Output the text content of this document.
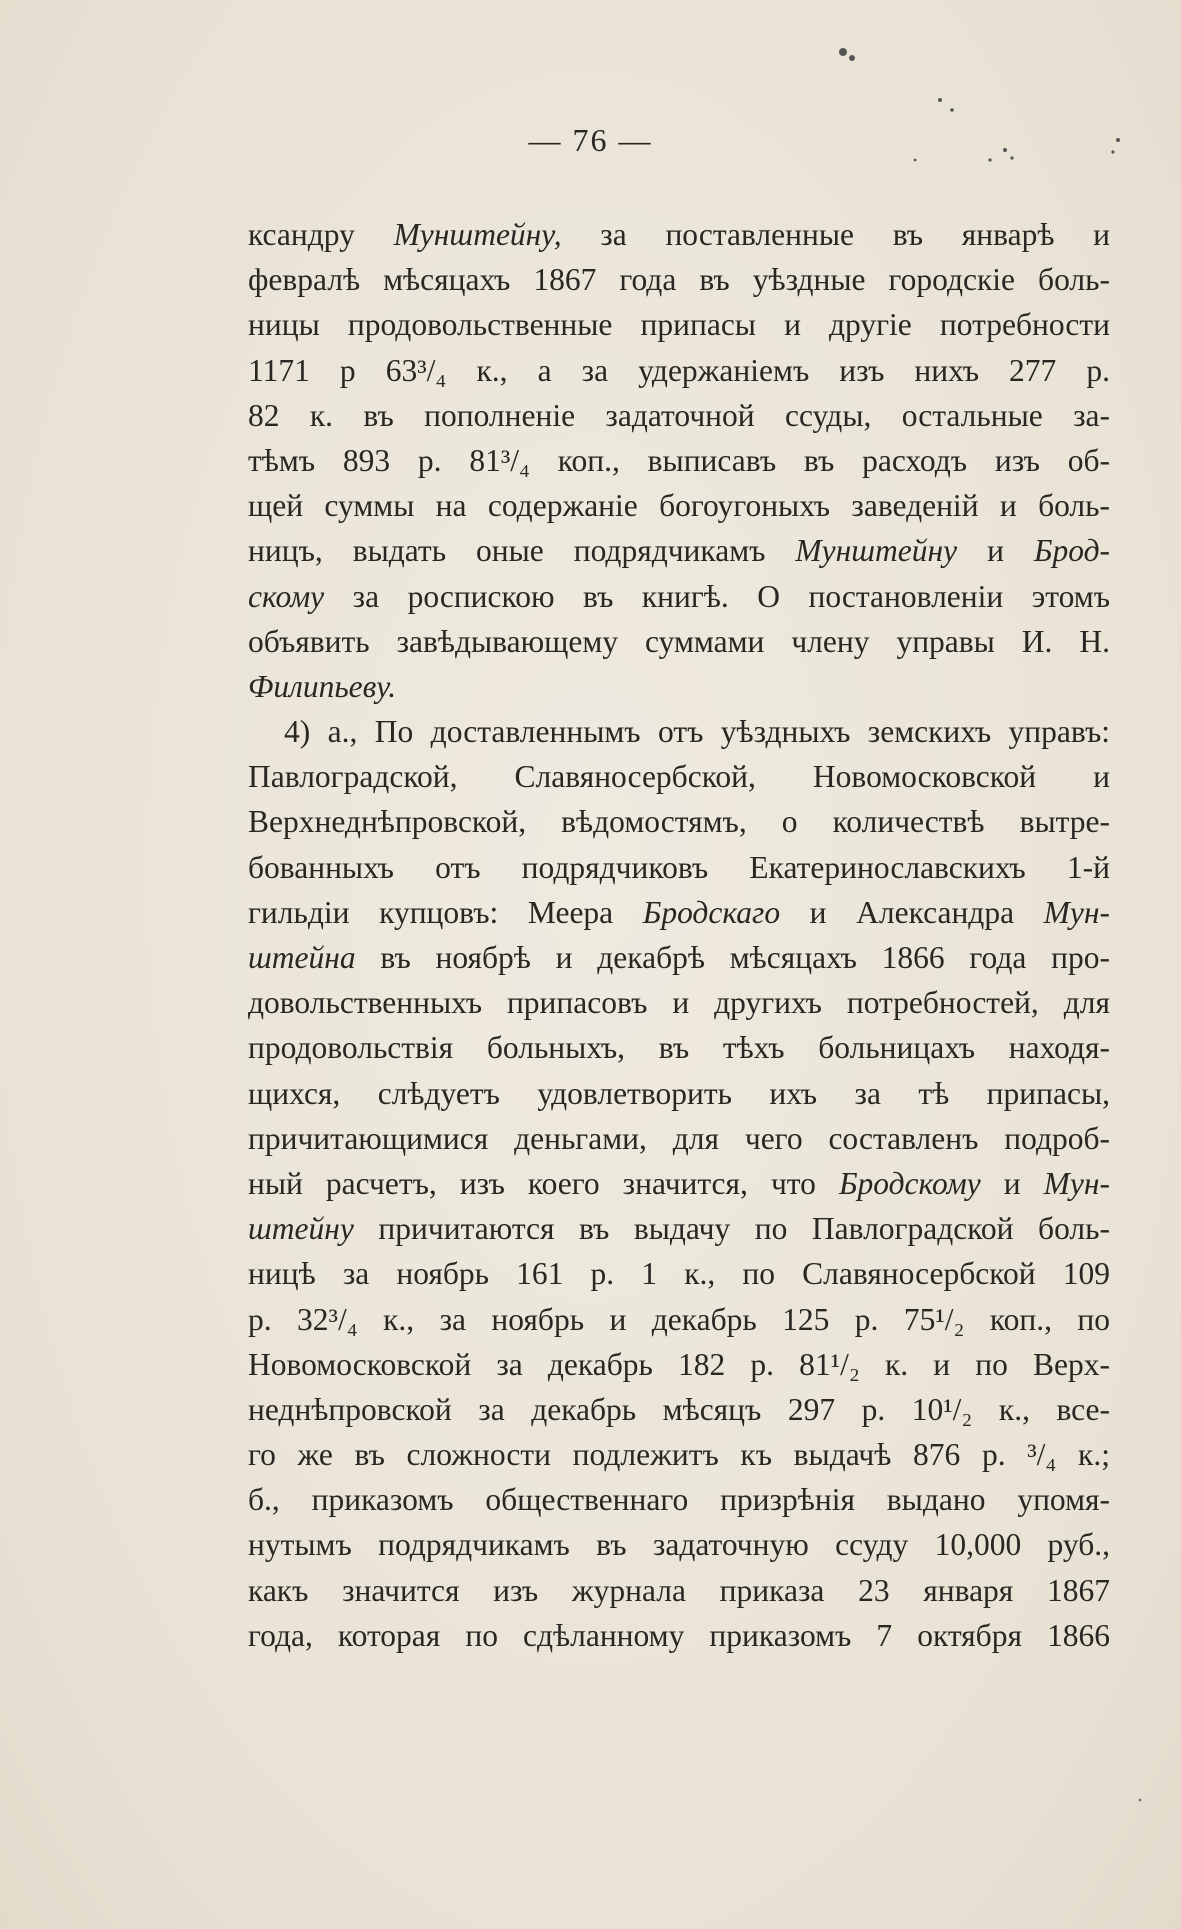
— 76 —
ксандру Мунштейну, за поставленные въ январѣ и
февралѣ мѣсяцахъ 1867 года въ уѣздные городскіе боль-
ницы продовольственные припасы и другіе потребности
1171 р 63³/₄ к., а за удержаніемъ изъ нихъ 277 р.
82 к. въ пополненіе задаточной ссуды, остальные за-
тѣмъ 893 р. 81³/₄ коп., выписавъ въ расходъ изъ об-
щей суммы на содержаніе богоугоныхъ заведеній и боль-
ницъ, выдать оные подрядчикамъ Мунштейну и Брод-
скому за роспискою въ книгѣ. О постановленіи этомъ
объявить завѣдывающему суммами члену управы И. Н.
Филипьеву.
4) а., По доставленнымъ отъ уѣздныхъ земскихъ управъ:
Павлоградской, Славяносербской, Новомосковской и
Верхнеднѣпровской, вѣдомостямъ, о количествѣ вытре-
бованныхъ отъ подрядчиковъ Екатеринославскихъ 1-й
гильдіи купцовъ: Меера Бродскаго и Александра Мун-
штейна въ ноябрѣ и декабрѣ мѣсяцахъ 1866 года про-
довольственныхъ припасовъ и другихъ потребностей, для
продовольствія больныхъ, въ тѣхъ больницахъ находя-
щихся, слѣдуетъ удовлетворить ихъ за тѣ припасы,
причитающимися деньгами, для чего составленъ подроб-
ный расчетъ, изъ коего значится, что Бродскому и Мун-
штейну причитаются въ выдачу по Павлоградской боль-
ницѣ за ноябрь 161 р. 1 к., по Славяносербской 109
р. 32³/₄ к., за ноябрь и декабрь 125 р. 75¹/₂ коп., по
Новомосковской за декабрь 182 р. 81¹/₂ к. и по Верх-
неднѣпровской за декабрь мѣсяцъ 297 р. 10¹/₂ к., все-
го же въ сложности подлежитъ къ выдачѣ 876 р. ³/₄ к.;
б., приказомъ общественнаго призрѣнія выдано упомя-
нутымъ подрядчикамъ въ задаточную ссуду 10,000 руб.,
какъ значится изъ журнала приказа 23 января 1867
года, которая по сдѣланному приказомъ 7 октября 1866
